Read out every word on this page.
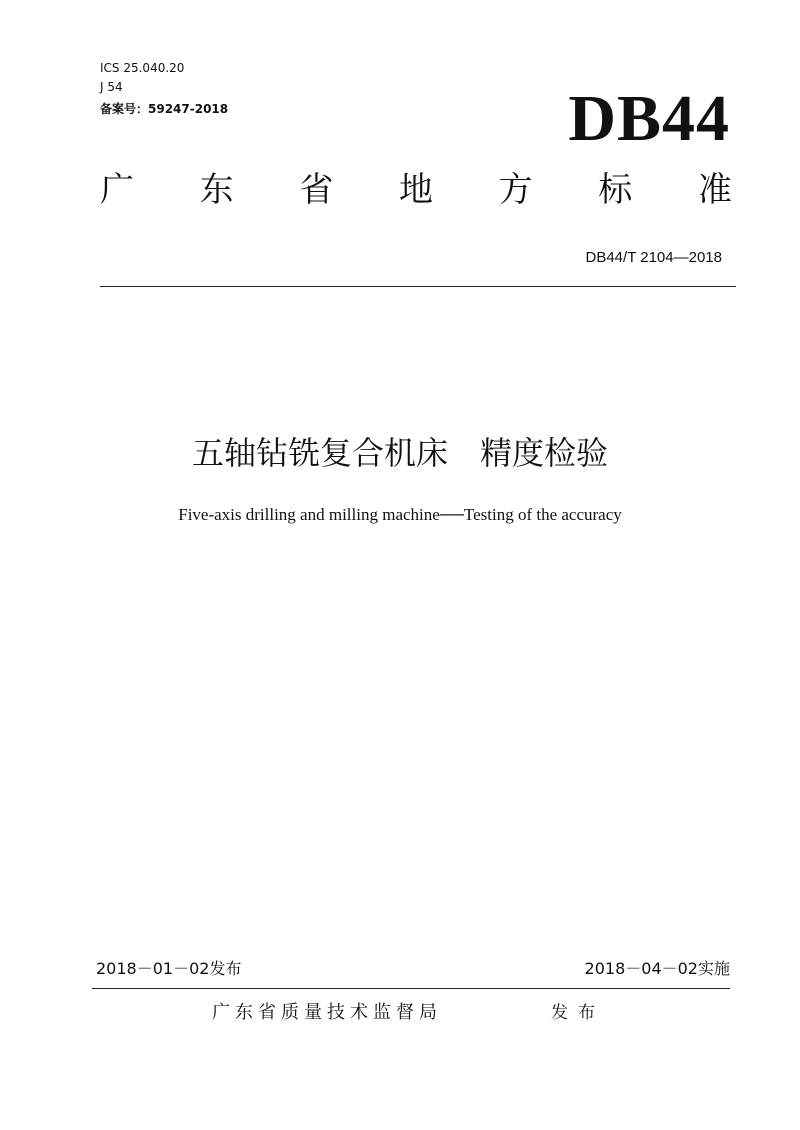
ICS 25.040.20
J 54
备案号：59247-2018	DB44
广 东 省 地 方 标 准
DB44/T 2104—2018
五轴钻铣复合机床　精度检验
Five-axis drilling and milling machine──Testing of the accuracy
2018－01－02发布	2018－04－02实施
广东省质量技术监督局	发布
